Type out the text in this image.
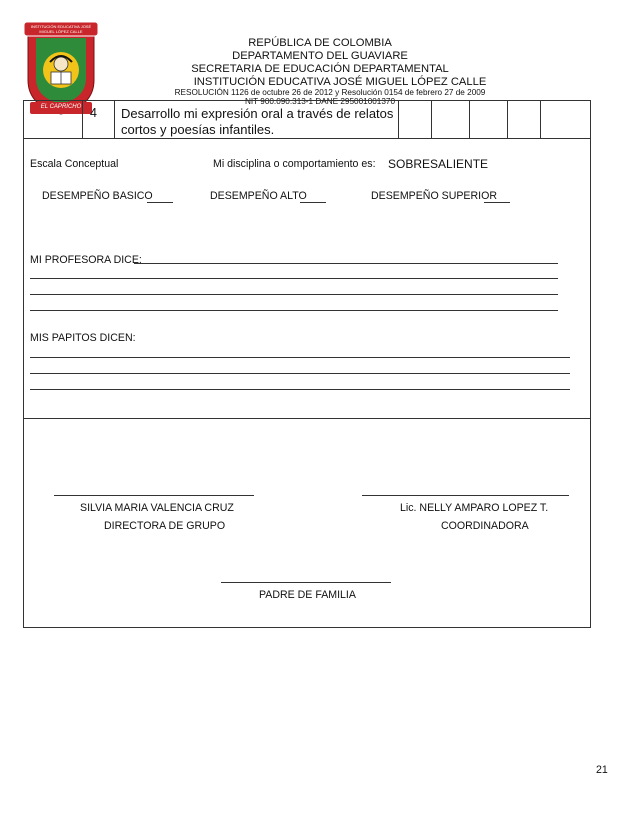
INSTITUCIÓN EDUCATIVA JOSÉ MIGUEL LÓPEZ CALLE
EL CAPRICHO
REPÚBLICA DE COLOMBIA
DEPARTAMENTO DEL GUAVIARE
SECRETARIA DE EDUCACIÓN DEPARTAMENTAL
INSTITUCIÓN EDUCATIVA JOSÉ MIGUEL LÓPEZ CALLE
RESOLUCIÓN 1126 de octubre 26 de 2012 y Resolución 0154 de febrero 27 de 2009
NIT 900.090.313-1 DANE 295001001370
4 Desarrollo mi expresión oral a través de relatos
cortos y poesías infantiles.
Escala Conceptual	Mi disciplina o comportamiento es: SOBRESALIENTE
DESEMPEÑO BASICO	DESEMPEÑO ALTO	DESEMPEÑO SUPERIOR
MI PROFESORA DICE:
MIS PAPITOS DICEN:
SILVIA MARIA VALENCIA CRUZ
DIRECTORA DE GRUPO
Lic. NELLY AMPARO LOPEZ T.
COORDINADORA
PADRE DE FAMILIA
21
